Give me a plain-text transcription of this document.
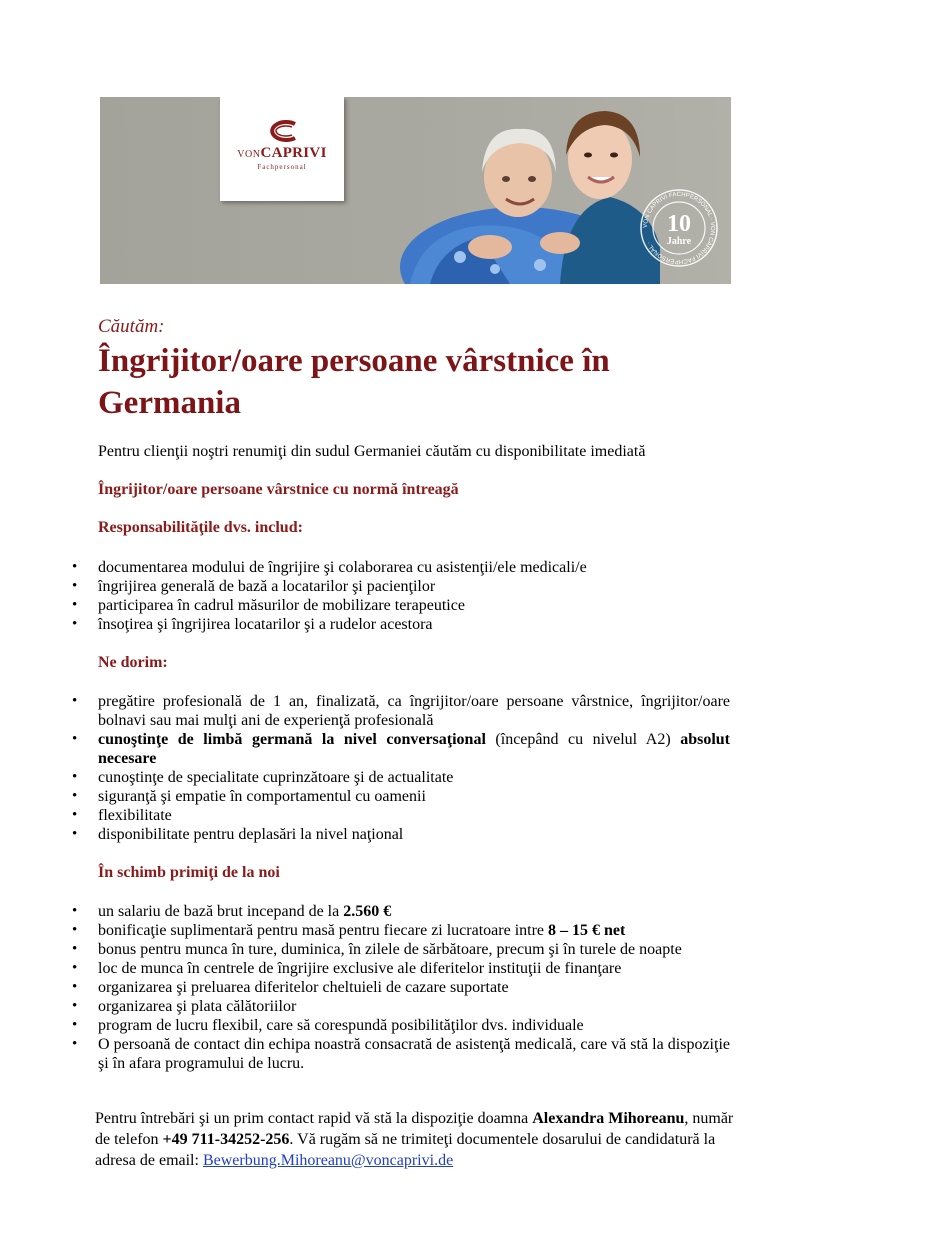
VONCAPRIVI
Fachpersonal
VON CAPRIVI FACHPERSONAL · VON CAPRIVI FACHPERSONAL ·
10
Jahre
Căutăm:
Îngrijitor/oare persoane vârstnice în Germania
Pentru clienţii noştri renumiţi din sudul Germaniei căutăm cu disponibilitate imediată
Îngrijitor/oare persoane vârstnice cu normă întreagă
Responsabilităţile dvs. includ:
• documentarea modului de îngrijire şi colaborarea cu asistenţii/ele medicali/e
• îngrijirea generală de bază a locatarilor şi pacienţilor
• participarea în cadrul măsurilor de mobilizare terapeutice
• însoţirea şi îngrijirea locatarilor şi a rudelor acestora
Ne dorim:
• pregătire profesională de 1 an, finalizată, ca îngrijitor/oare persoane vârstnice, îngrijitor/oare bolnavi sau mai mulţi ani de experienţă profesională
• cunoştinţe de limbă germană la nivel conversaţional (începând cu nivelul A2) absolut necesare
• cunoştinţe de specialitate cuprinzătoare şi de actualitate
• siguranţă şi empatie în comportamentul cu oamenii
• flexibilitate
• disponibilitate pentru deplasări la nivel naţional
În schimb primiţi de la noi
• un salariu de bază brut incepand de la 2.560 €
• bonificaţie suplimentară pentru masă pentru fiecare zi lucratoare intre 8 – 15 € net
• bonus pentru munca în ture, duminica, în zilele de sărbătoare, precum şi în turele de noapte
• loc de munca în centrele de îngrijire exclusive ale diferitelor instituţii de finanţare
• organizarea şi preluarea diferitelor cheltuieli de cazare suportate
• organizarea şi plata călătoriilor
• program de lucru flexibil, care să corespundă posibilităţilor dvs. individuale
• O persoană de contact din echipa noastră consacrată de asistenţă medicală, care vă stă la dispoziţie şi în afara programului de lucru.
Pentru întrebări şi un prim contact rapid vă stă la dispoziţie doamna Alexandra Mihoreanu, număr de telefon +49 711-34252-256. Vă rugăm să ne trimiteţi documentele dosarului de candidatură la adresa de email: Bewerbung.Mihoreanu@voncaprivi.de
